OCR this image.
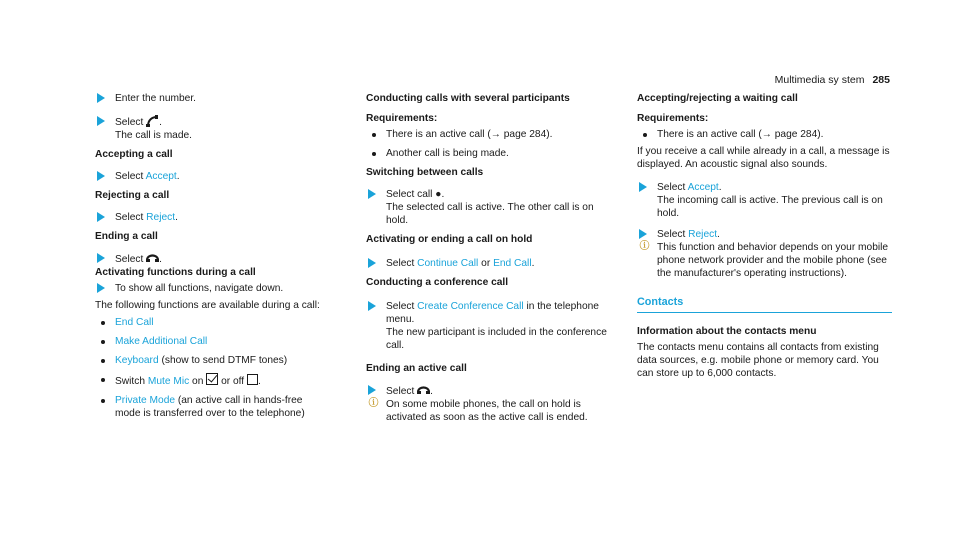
Multimedia sy stem 285
Enter the number.
Select .
The call is made.
Accepting a call
Select Accept.
Rejecting a call
Select Reject.
Ending a call
Select .
Activating functions during a call
To show all functions, navigate down.

The following functions are available during a call:

End Call
Make Additional Call
Keyboard (show to send DTMF tones)
Switch Mute Mic on or off .
Private Mode (an active call in hands-free
mode is transferred over to the telephone)
Conducting calls with several participants
Requirements:
There is an active call (→ page 284).
Another call is being made.
Switching between calls
Select call ●.
The selected call is active. The other call is on hold.
Activating or ending a call on hold
Select Continue Call or End Call.
Conducting a conference call
Select Create Conference Call in the telephone menu.
The new participant is included in the conference call.
Ending an active call
Select .
ⓘ On some mobile phones, the call on hold is activated as soon as the active call is ended.
Accepting/rejecting a waiting call
Requirements:
There is an active call (→ page 284).

If you receive a call while already in a call, a message is displayed. An acoustic signal also sounds.

Select Accept.
The incoming call is active. The previous call is on hold.
Select Reject.
ⓘ This function and behavior depends on your mobile phone network provider and the mobile phone (see the manufacturer's operating instructions).
Contacts
Information about the contacts menu

The contacts menu contains all contacts from existing data sources, e.g. mobile phone or memory card. You can store up to 6,000 contacts.
